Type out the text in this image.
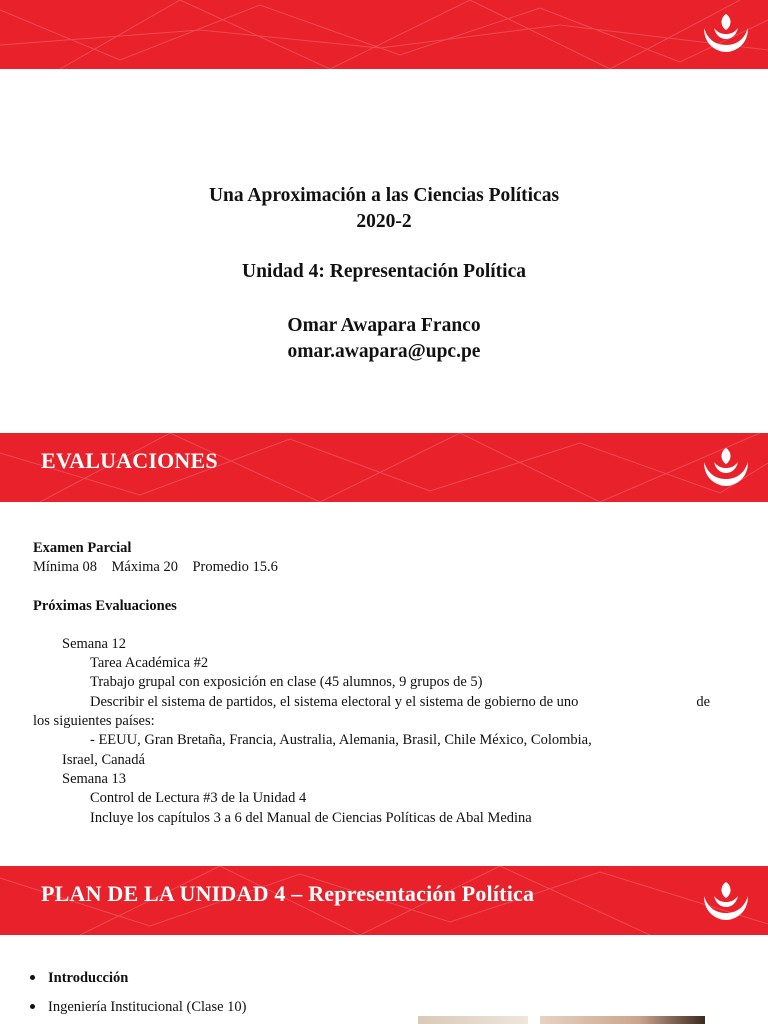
Una Aproximación a las Ciencias Políticas
2020-2
Unidad 4: Representación Política
Omar Awapara Franco
omar.awapara@upc.pe
EVALUACIONES
Examen Parcial
Mínima 08    Máxima 20    Promedio 15.6
Próximas Evaluaciones
Semana 12
Tarea Académica #2
Trabajo grupal con exposición en clase (45 alumnos, 9 grupos de 5)
Describir el sistema de partidos, el sistema electoral y el sistema de gobierno de uno	de
los siguientes países:
- EEUU, Gran Bretaña, Francia, Australia, Alemania, Brasil, Chile México, Colombia,
Israel, Canadá
Semana 13
Control de Lectura #3 de la Unidad 4
Incluye los capítulos 3 a 6 del Manual de Ciencias Políticas de Abal Medina
PLAN DE LA UNIDAD 4 – Representación Política
Introducción
Ingeniería Institucional (Clase 10)
